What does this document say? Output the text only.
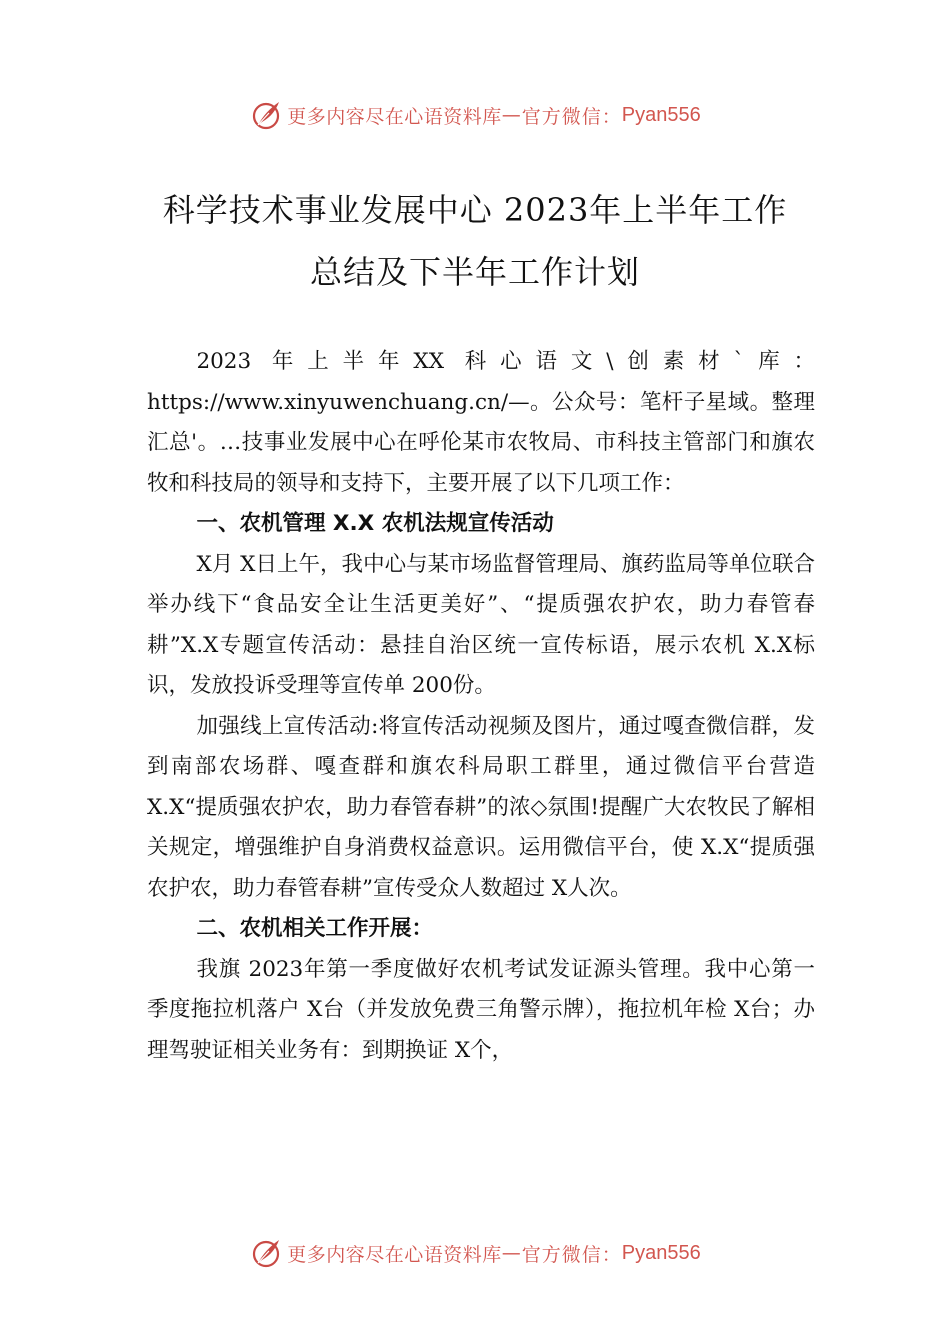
更多内容尽在心语资料库 — 官方微信： Pyan556
科学技术事业发展中心 2023年上半年工作
总结及下半年工作计划

2023 年上半年XX 科心语文\创素材`库：https://www.xinyuwenchuang.cn/—。公众号：笔杆子星域。整理汇总'。…技事业发展中心在呼伦某市农牧局、市科技主管部门和旗农牧和科技局的领导和支持下，主要开展了以下几项工作：

一、农机管理 X.X 农机法规宣传活动

X月 X日上午，我中心与某市场监督管理局、旗药监局等单位联合举办线下“食品安全让生活更美好”、“提质强农护农，助力春管春耕”X.X专题宣传活动：悬挂自治区统一宣传标语，展示农机 X.X标识，发放投诉受理等宣传单 200份。

加强线上宣传活动:将宣传活动视频及图片，通过嘎查微信群，发到南部农场群、嘎查群和旗农科局职工群里，通过微信平台营造 X.X“提质强农护农，助力春管春耕”的浓◇氛围!提醒广大农牧民了解相关规定，增强维护自身消费权益意识。运用微信平台，使 X.X“提质强农护农，助力春管春耕”宣传受众人数超过 X人次。

二、农机相关工作开展：

我旗 2023年第一季度做好农机考试发证源头管理。我中心第一季度拖拉机落户 X台（并发放免费三角警示牌），拖拉机年检 X台；办理驾驶证相关业务有：到期换证 X个，

更多内容尽在心语资料库 — 官方微信： Pyan556
